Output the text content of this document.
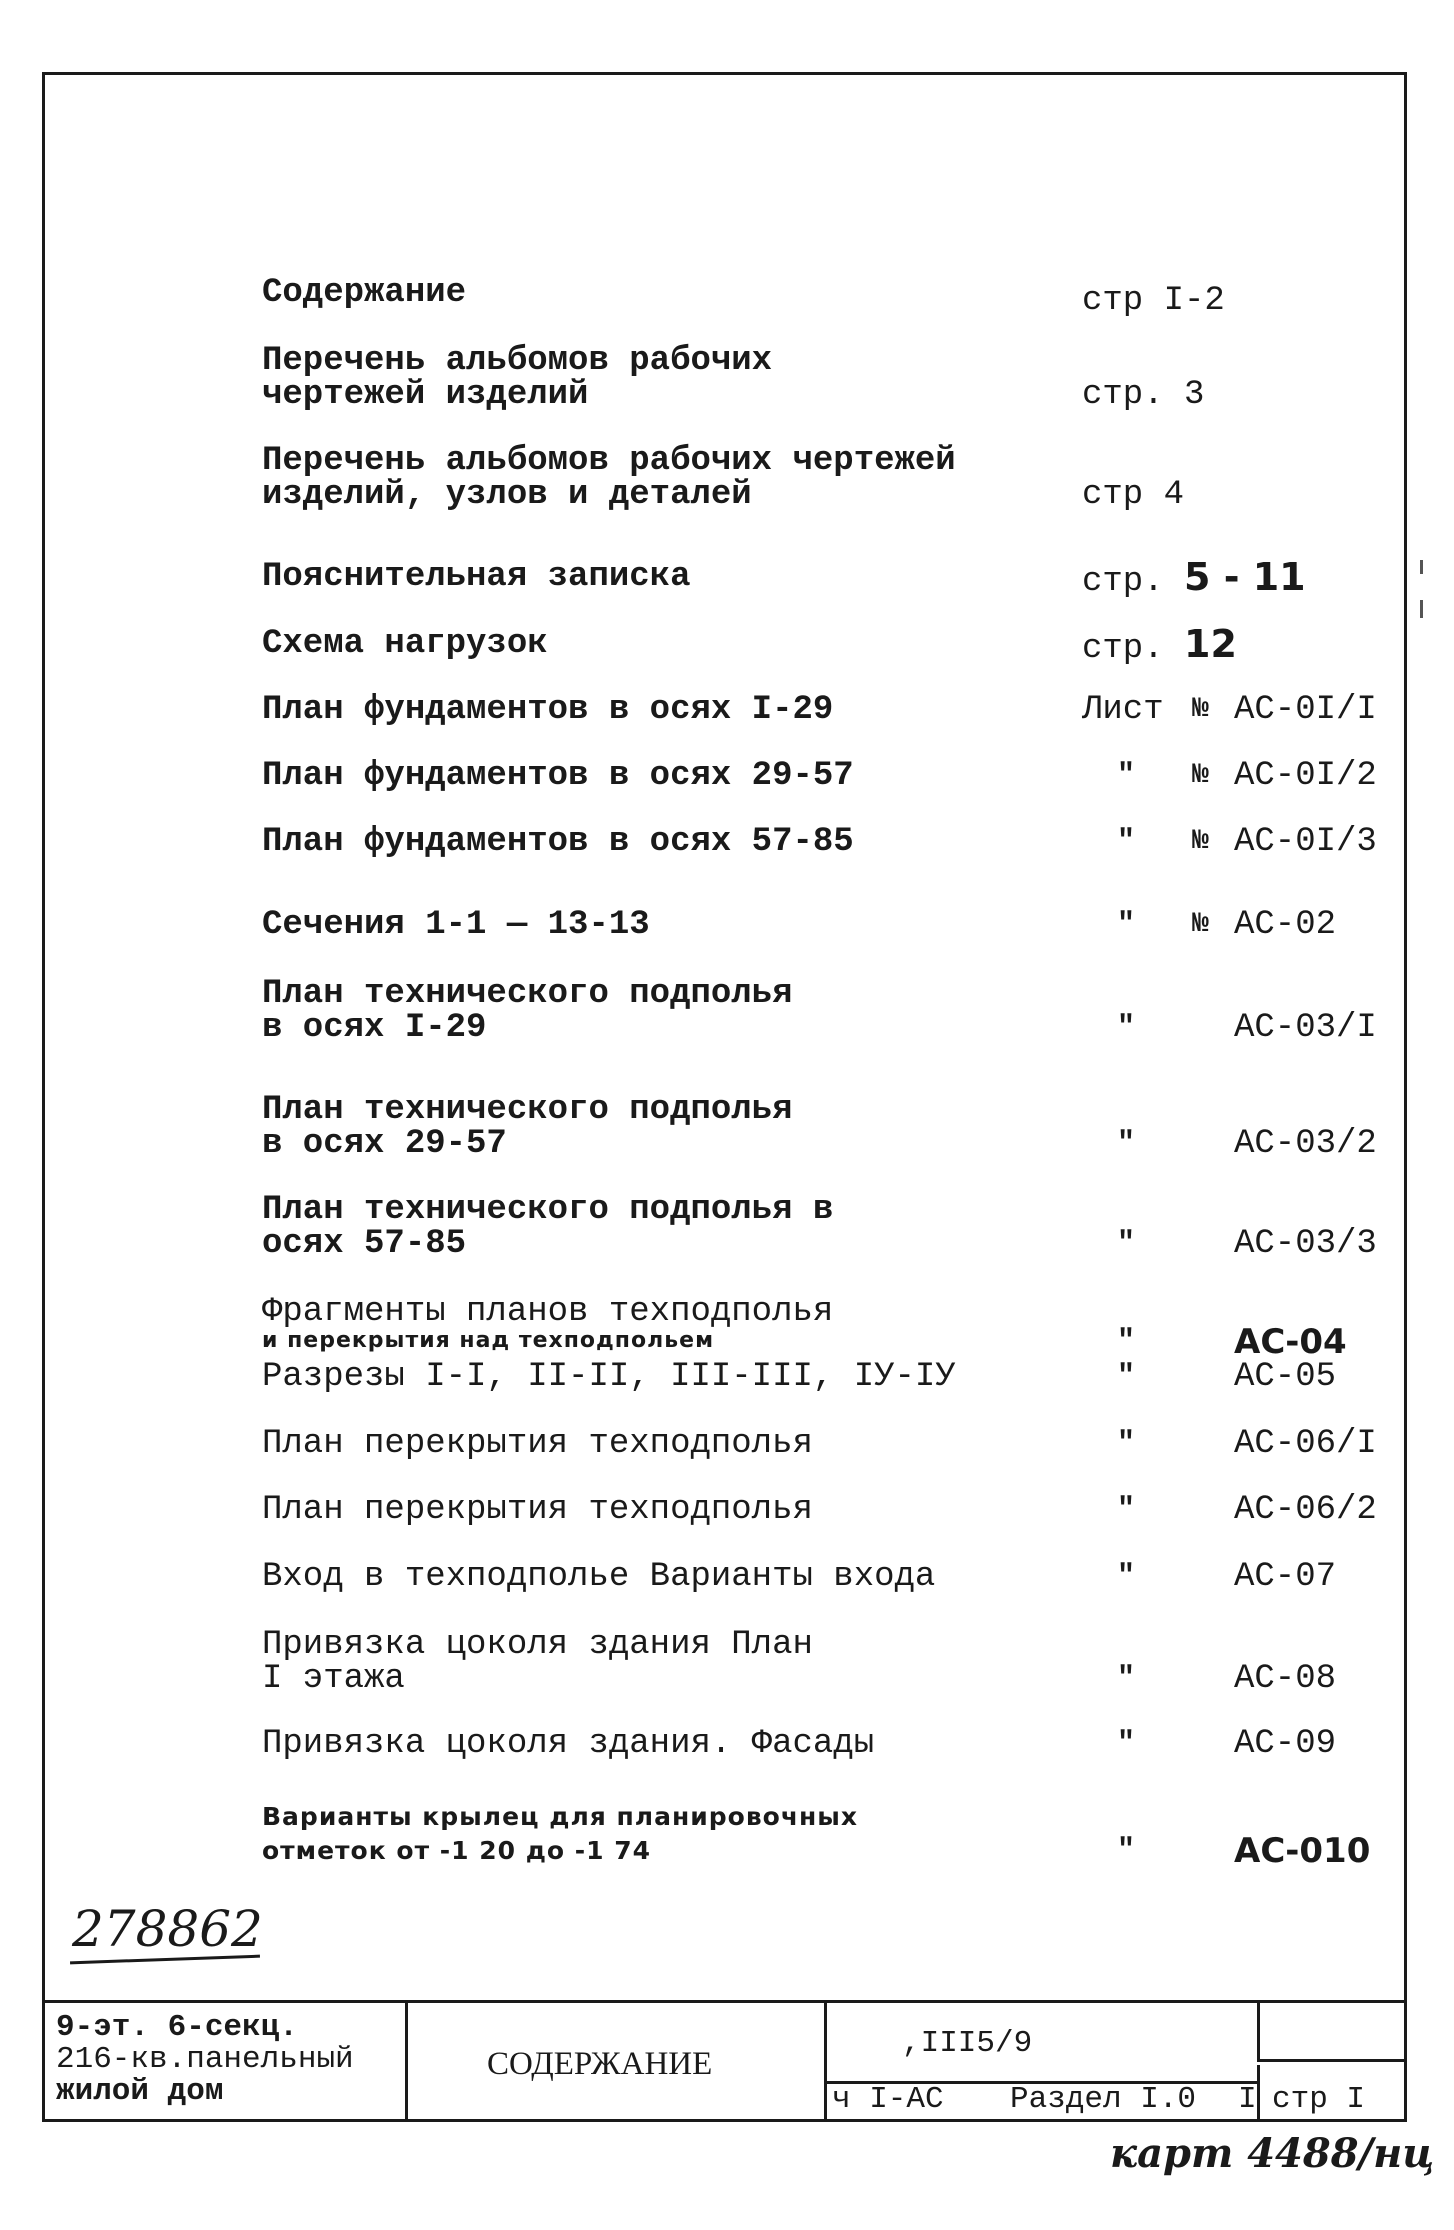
Содержание	стр I-2
Перечень альбомов рабочих
чертежей изделий	стр. 3
Перечень альбомов рабочих чертежей
изделий, узлов и деталей	стр 4
Пояснительная записка	стр. 5 - 11
Схема нагрузок	стр. 12
План фундаментов в осях I-29	Лист № АС-0I/I
План фундаментов в осях 29-57	" № АС-0I/2
План фундаментов в осях 57-85	" № АС-0I/3
Сечения 1-1 — 13-13	" № АС-02
План технического подполья
в осях I-29	"	АС-03/I
План технического подполья
в осях 29-57	"	АС-03/2
План технического подполья в
осях 57-85	"	АС-03/3
Фрагменты планов техподполья
и перекрытия над техподпольем	"	АС-04
Разрезы I-I, II-II, III-III, IУ-IУ	"	АС-05
План перекрытия техподполья	"	АС-06/I
План перекрытия техподполья	"	АС-06/2
Вход в техподполье Варианты входа	"	АС-07
Привязка цоколя здания План
I этажа	"	АС-08
Привязка цоколя здания. Фасады	"	АС-09
Варианты крылец для планировочных
отметок от -1 20 до -1 74	"	АС-010
278862
9-эт. 6-секц.
216-кв.панельный
жилой дом
СОДЕРЖАНИЕ
,III5/9
ч I-АС Раздел I.0 I стр I
карт 4488/нц
